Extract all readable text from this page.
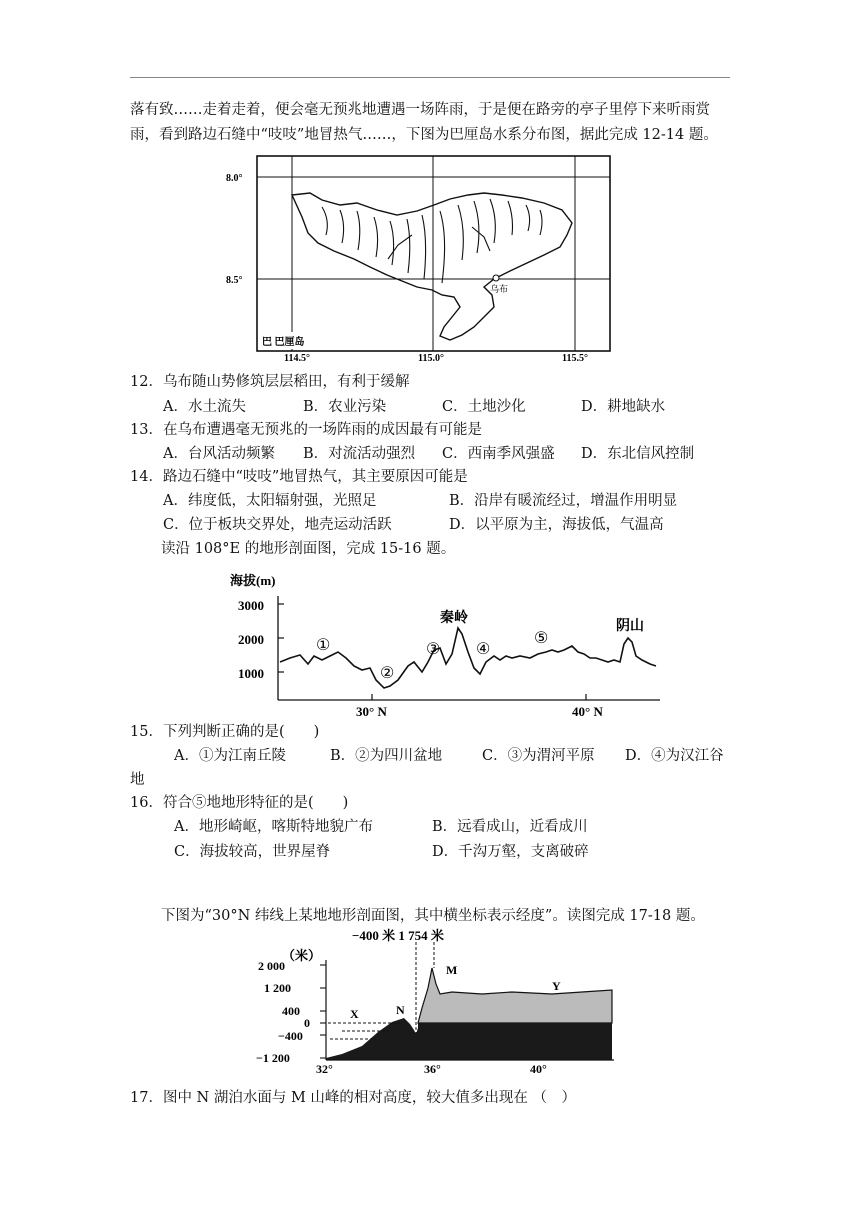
落有致……走着走着，便会毫无预兆地遭遇一场阵雨，于是便在路旁的亭子里停下来听雨赏
雨，看到路边石缝中“吱吱”地冒热气……，下图为巴厘岛水系分布图，据此完成 12-14 题。
8.0°
8.5°
114.5°	115.0°	115.5°
乌布
巴 巴厘岛
12．乌布随山势修筑层层稻田，有利于缓解
A．水土流失	B．农业污染	C．土地沙化	D．耕地缺水
13．在乌布遭遇毫无预兆的一场阵雨的成因最有可能是
A．台风活动频繁 B．对流活动强烈 C．西南季风强盛 D．东北信风控制
14．路边石缝中“吱吱”地冒热气，其主要原因可能是
A．纬度低，太阳辐射强，光照足	B．沿岸有暖流经过，增温作用明显
C．位于板块交界处，地壳运动活跃	D．以平原为主，海拔低，气温高
读沿 108°E 的地形剖面图，完成 15-16 题。
海拔(m)
3000
2000
1000
30° N	40° N
①
②
③ ④
⑤
秦岭
阴山
15．下列判断正确的是(　　)
A．①为江南丘陵	B．②为四川盆地	C．③为渭河平原 D．④为汉江谷
地
16．符合⑤地地形特征的是(　　)
A．地形崎岖，喀斯特地貌广布	B．远看成山，近看成川
C．海拔较高，世界屋脊	D．千沟万壑，支离破碎
下图为“30°N 纬线上某地地形剖面图，其中横坐标表示经度”。读图完成 17-18 题。
−400 米 1 754 米
（米）
2 000
1 200
400
0
−400
−1 200
32°	36°	40°
X	N
M
Y
17．图中 N 湖泊水面与 M 山峰的相对高度，较大值多出现在 （　）
